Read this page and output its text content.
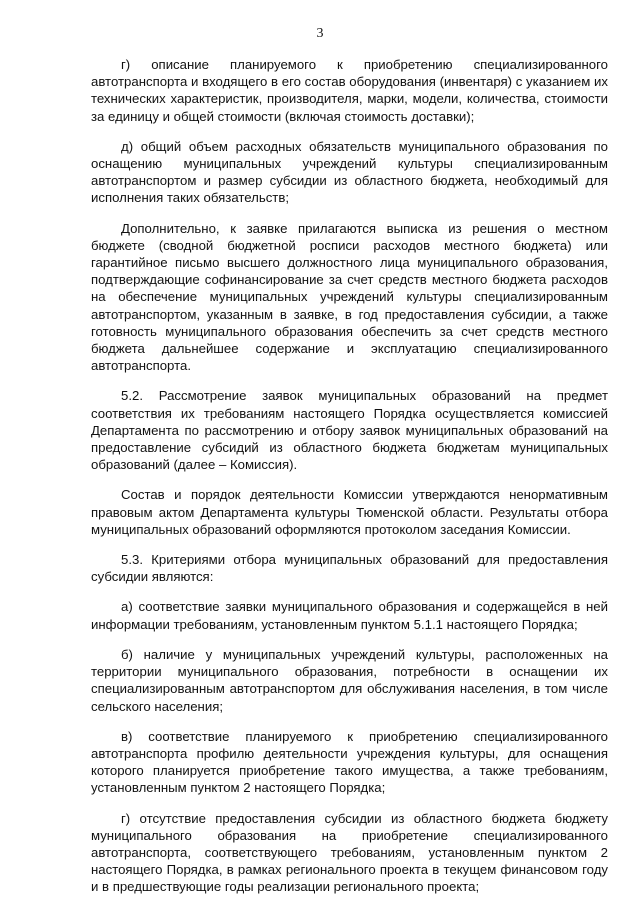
3

г) описание планируемого к приобретению специализированного автотранспорта и входящего в его состав оборудования (инвентаря) с указанием их технических характеристик, производителя, марки, модели, количества, стоимости за единицу и общей стоимости (включая стоимость доставки);

д) общий объем расходных обязательств муниципального образования по оснащению муниципальных учреждений культуры специализированным автотранспортом и размер субсидии из областного бюджета, необходимый для исполнения таких обязательств;

Дополнительно, к заявке прилагаются выписка из решения о местном бюджете (сводной бюджетной росписи расходов местного бюджета) или гарантийное письмо высшего должностного лица муниципального образования, подтверждающие софинансирование за счет средств местного бюджета расходов на обеспечение муниципальных учреждений культуры специализированным автотранспортом, указанным в заявке, в год предоставления субсидии, а также готовность муниципального образования обеспечить за счет средств местного бюджета дальнейшее содержание и эксплуатацию специализированного автотранспорта.

5.2. Рассмотрение заявок муниципальных образований на предмет соответствия их требованиям настоящего Порядка осуществляется комиссией Департамента по рассмотрению и отбору заявок муниципальных образований на предоставление субсидий из областного бюджета бюджетам муниципальных образований (далее – Комиссия).

Состав и порядок деятельности Комиссии утверждаются ненормативным правовым актом Департамента культуры Тюменской области. Результаты отбора муниципальных образований оформляются протоколом заседания Комиссии.

5.3. Критериями отбора муниципальных образований для предоставления субсидии являются:

а) соответствие заявки муниципального образования и содержащейся в ней информации требованиям, установленным пунктом 5.1.1 настоящего Порядка;

б) наличие у муниципальных учреждений культуры, расположенных на территории муниципального образования, потребности в оснащении их специализированным автотранспортом для обслуживания населения, в том числе сельского населения;

в) соответствие планируемого к приобретению специализированного автотранспорта профилю деятельности учреждения культуры, для оснащения которого планируется приобретение такого имущества, а также требованиям, установленным пунктом 2 настоящего Порядка;

г) отсутствие предоставления субсидии из областного бюджета бюджету муниципального образования на приобретение специализированного автотранспорта, соответствующего требованиям, установленным пунктом 2 настоящего Порядка, в рамках регионального проекта в текущем финансовом году и в предшествующие годы реализации регионального проекта;
